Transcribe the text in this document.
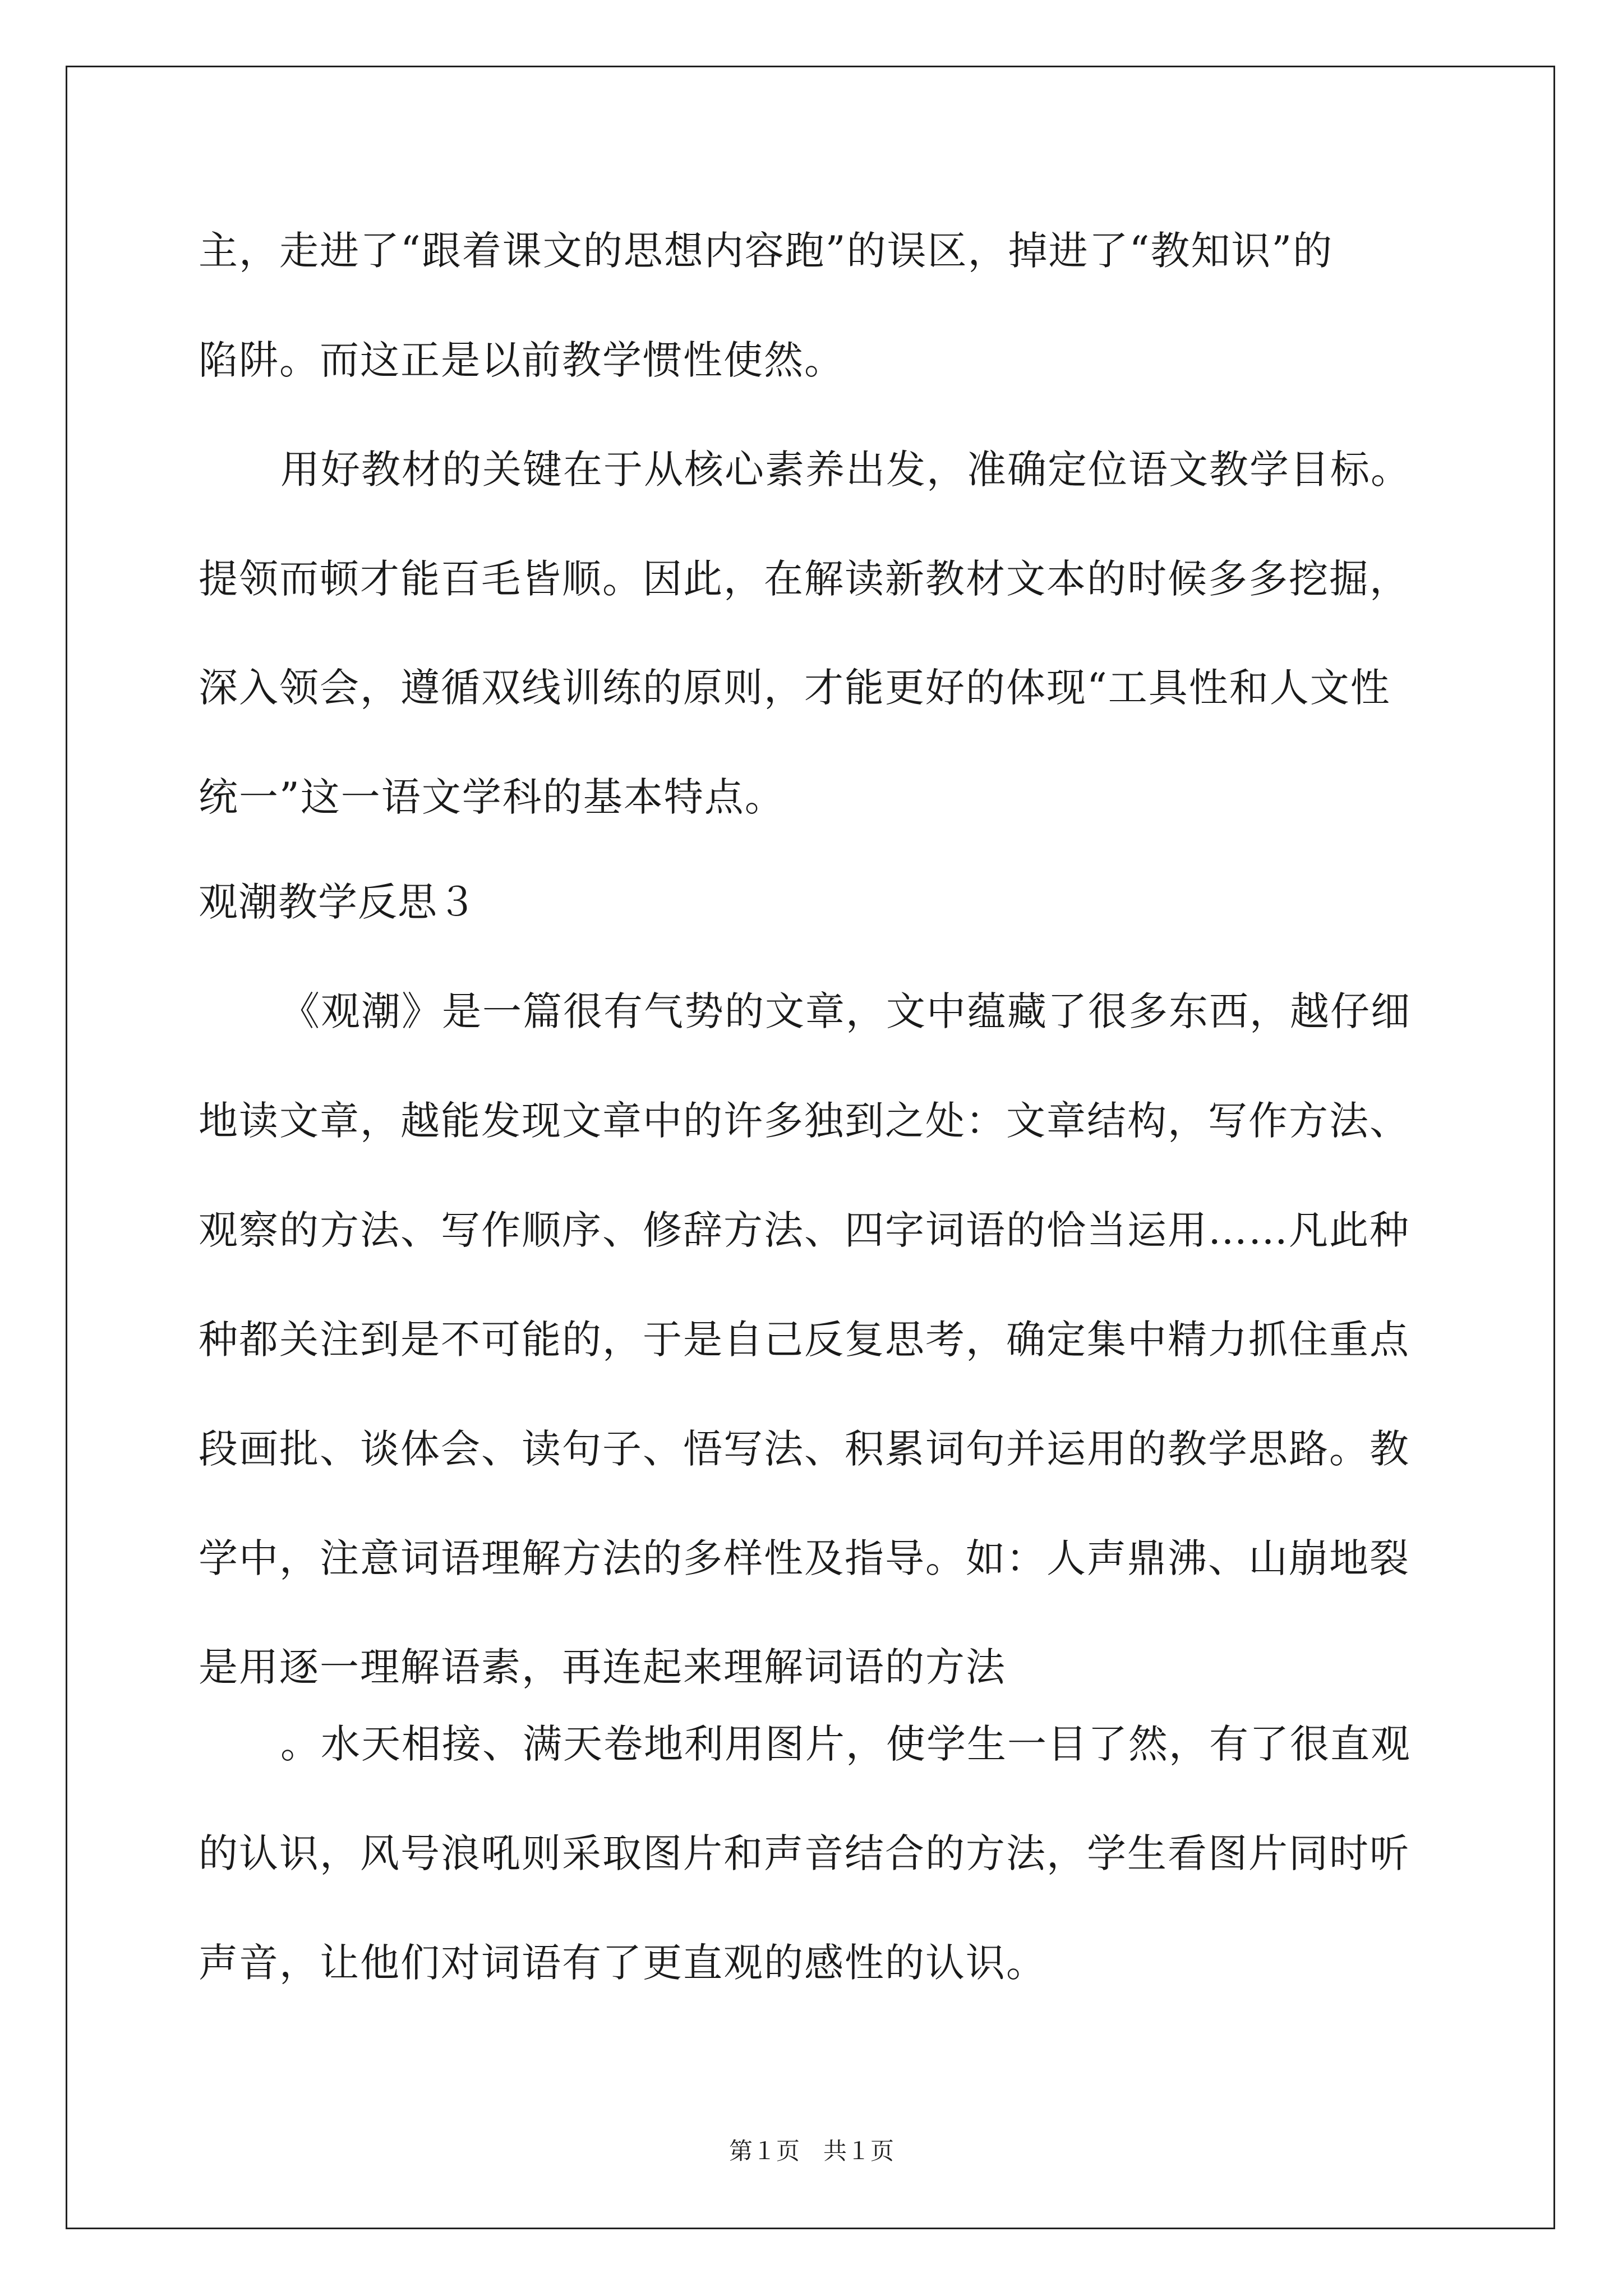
主，走进了“跟着课文的思想内容跑”的误区，掉进了“教知识”的
陷阱。而这正是以前教学惯性使然。
用好教材的关键在于从核心素养出发，准确定位语文教学目标。
提领而顿才能百毛皆顺。因此，在解读新教材文本的时候多多挖掘，
深入领会，遵循双线训练的原则，才能更好的体现“工具性和人文性
统一”这一语文学科的基本特点。
观潮教学反思３
《观潮》是一篇很有气势的文章，文中蕴藏了很多东西，越仔细
地读文章，越能发现文章中的许多独到之处：文章结构，写作方法、
观察的方法、写作顺序、修辞方法、四字词语的恰当运用……凡此种
种都关注到是不可能的，于是自己反复思考，确定集中精力抓住重点
段画批、谈体会、读句子、悟写法、积累词句并运用的教学思路。教
学中，注意词语理解方法的多样性及指导。如：人声鼎沸、山崩地裂
是用逐一理解语素，再连起来理解词语的方法
。水天相接、满天卷地利用图片，使学生一目了然，有了很直观
的认识，风号浪吼则采取图片和声音结合的方法，学生看图片同时听
声音，让他们对词语有了更直观的感性的认识。
第１页　共１页
